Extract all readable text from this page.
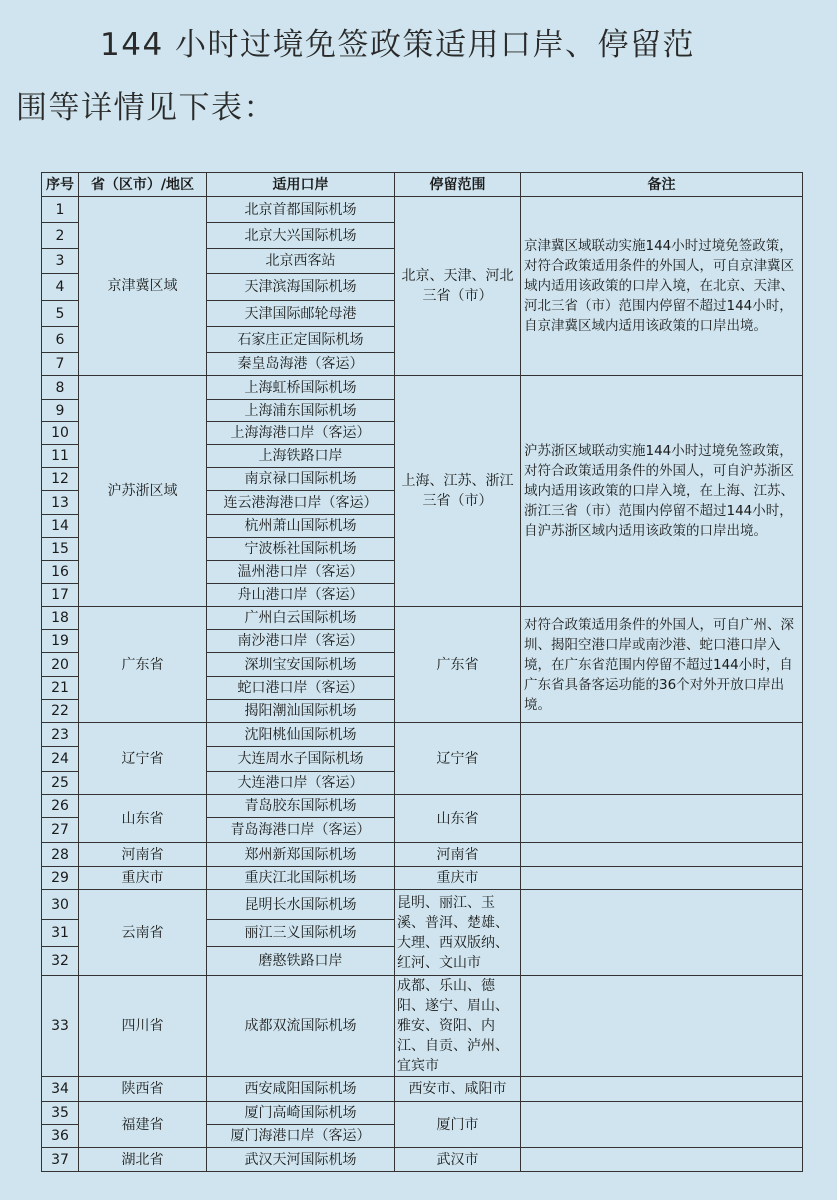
144 小时过境免签政策适用口岸、停留范
围等详情见下表：

序号	省（区市）/地区	适用口岸	停留范围	备注
1	京津冀区域	北京首都国际机场	北京、天津、河北三省（市）	京津冀区域联动实施144小时过境免签政策，对符合政策适用条件的外国人，可自京津冀区域内适用该政策的口岸入境，在北京、天津、河北三省（市）范围内停留不超过144小时，自京津冀区域内适用该政策的口岸出境。
2		北京大兴国际机场		
3		北京西客站		
4		天津滨海国际机场		
5		天津国际邮轮母港		
6		石家庄正定国际机场		
7		秦皇岛海港（客运）		
8	沪苏浙区域	上海虹桥国际机场	上海、江苏、浙江三省（市）	沪苏浙区域联动实施144小时过境免签政策，对符合政策适用条件的外国人，可自沪苏浙区域内适用该政策的口岸入境，在上海、江苏、浙江三省（市）范围内停留不超过144小时，自沪苏浙区域内适用该政策的口岸出境。
9		上海浦东国际机场		
10		上海海港口岸（客运）		
11		上海铁路口岸		
12		南京禄口国际机场		
13		连云港海港口岸（客运）		
14		杭州萧山国际机场		
15		宁波栎社国际机场		
16		温州港口岸（客运）		
17		舟山港口岸（客运）		
18	广东省	广州白云国际机场	广东省	对符合政策适用条件的外国人，可自广州、深圳、揭阳空港口岸或南沙港、蛇口港口岸入境，在广东省范围内停留不超过144小时，自广东省具备客运功能的36个对外开放口岸出境。
19		南沙港口岸（客运）		
20		深圳宝安国际机场		
21		蛇口港口岸（客运）		
22		揭阳潮汕国际机场		
23	辽宁省	沈阳桃仙国际机场	辽宁省	
24		大连周水子国际机场		
25		大连港口岸（客运）		
26	山东省	青岛胶东国际机场	山东省	
27		青岛海港口岸（客运）		
28	河南省	郑州新郑国际机场	河南省	
29	重庆市	重庆江北国际机场	重庆市	
30	云南省	昆明长水国际机场	昆明、丽江、玉溪、普洱、楚雄、大理、西双版纳、红河、文山市	
31		丽江三义国际机场		
32		磨憨铁路口岸		
33	四川省	成都双流国际机场	成都、乐山、德阳、遂宁、眉山、雅安、资阳、内江、自贡、泸州、宜宾市	
34	陕西省	西安咸阳国际机场	西安市、咸阳市	
35	福建省	厦门高崎国际机场	厦门市	
36		厦门海港口岸（客运）		
37	湖北省	武汉天河国际机场	武汉市	
